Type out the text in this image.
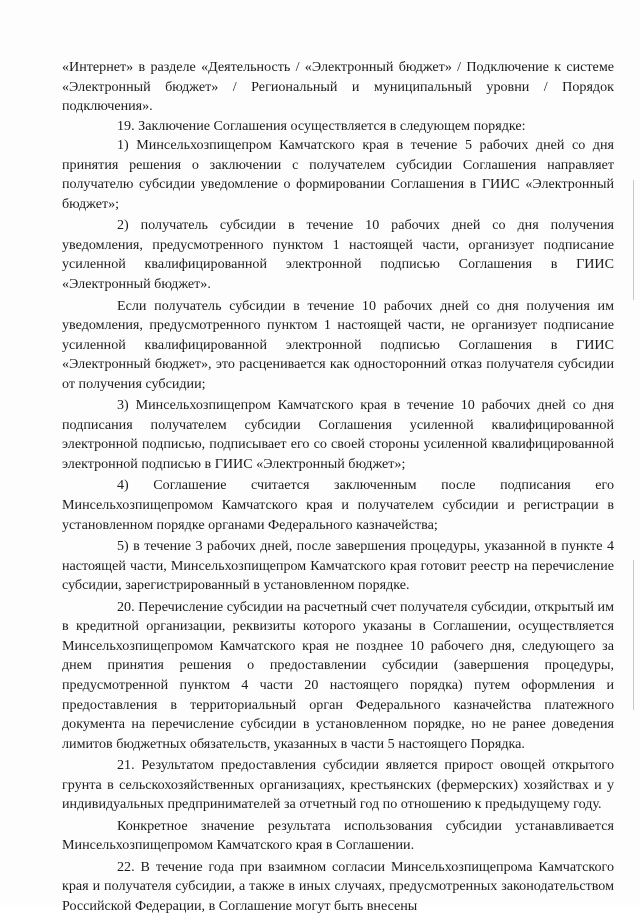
«Интернет» в разделе «Деятельность / «Электронный бюджет» / Подключение к системе «Электронный бюджет» / Региональный и муниципальный уровни / Порядок подключения».

19. Заключение Соглашения осуществляется в следующем порядке:

1) Минсельхозпищепром Камчатского края в течение 5 рабочих дней со дня принятия решения о заключении с получателем субсидии Соглашения направляет получателю субсидии уведомление о формировании Соглашения в ГИИС «Электронный бюджет»;

2) получатель субсидии в течение 10 рабочих дней со дня получения уведомления, предусмотренного пунктом 1 настоящей части, организует подписание усиленной квалифицированной электронной подписью Соглашения в ГИИС «Электронный бюджет».

Если получатель субсидии в течение 10 рабочих дней со дня получения им уведомления, предусмотренного пунктом 1 настоящей части, не организует подписание усиленной квалифицированной электронной подписью Соглашения в ГИИС «Электронный бюджет», это расценивается как односторонний отказ получателя субсидии от получения субсидии;

3) Минсельхозпищепром Камчатского края в течение 10 рабочих дней со дня подписания получателем субсидии Соглашения усиленной квалифицированной электронной подписью, подписывает его со своей стороны усиленной квалифицированной электронной подписью в ГИИС «Электронный бюджет»;

4) Соглашение считается заключенным после подписания его Минсельхозпищепромом Камчатского края и получателем субсидии и регистрации в установленном порядке органами Федерального казначейства;

5) в течение 3 рабочих дней, после завершения процедуры, указанной в пункте 4 настоящей части, Минсельхозпищепром Камчатского края готовит реестр на перечисление субсидии, зарегистрированный в установленном порядке.

20. Перечисление субсидии на расчетный счет получателя субсидии, открытый им в кредитной организации, реквизиты которого указаны в Соглашении, осуществляется Минсельхозпищепромом Камчатского края не позднее 10 рабочего дня, следующего за днем принятия решения о предоставлении субсидии (завершения процедуры, предусмотренной пунктом 4 части 20 настоящего порядка) путем оформления и предоставления в территориальный орган Федерального казначейства платежного документа на перечисление субсидии в установленном порядке, но не ранее доведения лимитов бюджетных обязательств, указанных в части 5 настоящего Порядка.

21. Результатом предоставления субсидии является прирост овощей открытого грунта в сельскохозяйственных организациях, крестьянских (фермерских) хозяйствах и у индивидуальных предпринимателей за отчетный год по отношению к предыдущему году.

Конкретное значение результата использования субсидии устанавливается Минсельхозпищепромом Камчатского края в Соглашении.

22. В течение года при взаимном согласии Минсельхозпищепрома Камчатского края и получателя субсидии, а также в иных случаях, предусмотренных законодательством Российской Федерации, в Соглашение могут быть внесены
